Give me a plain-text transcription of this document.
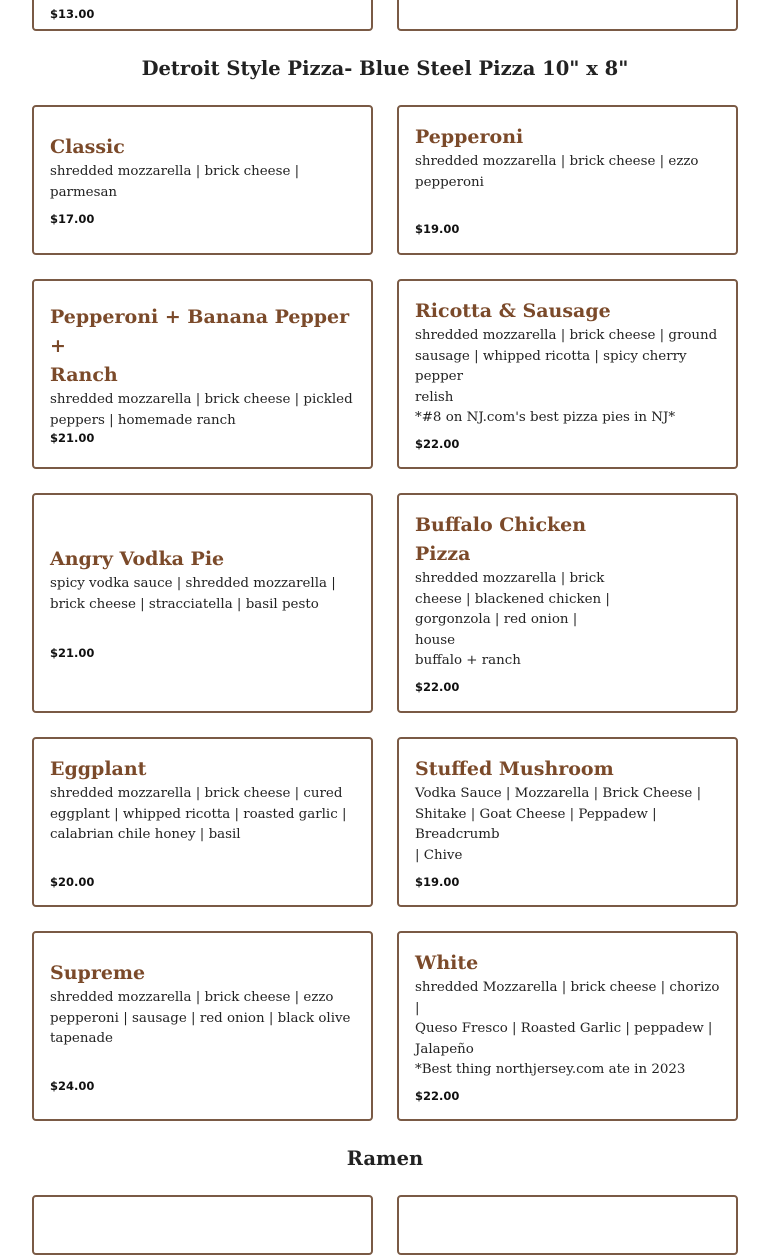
$13.00
Detroit Style Pizza- Blue Steel Pizza 10" x 8"

Classic

shredded mozzarella | brick cheese | parmesan

$17.00

Pepperoni

shredded mozzarella | brick cheese | ezzo
pepperoni

$19.00

Pepperoni + Banana Pepper +
Ranch

shredded mozzarella | brick cheese | pickled
peppers | homemade ranch

$21.00

Ricotta & Sausage

shredded mozzarella | brick cheese | ground
sausage | whipped ricotta | spicy cherry pepper
relish
*#8 on NJ.com's best pizza pies in NJ*

$22.00

Angry Vodka Pie

spicy vodka sauce | shredded mozzarella |
brick cheese | stracciatella | basil pesto

$21.00

Buffalo Chicken
Pizza

shredded mozzarella | brick
cheese | blackened chicken |
gorgonzola | red onion | house
buffalo + ranch

$22.00

Eggplant

shredded mozzarella | brick cheese | cured
eggplant | whipped ricotta | roasted garlic |
calabrian chile honey | basil

$20.00

Stuffed Mushroom

Vodka Sauce | Mozzarella | Brick Cheese |
Shitake | Goat Cheese | Peppadew | Breadcrumb
| Chive

$19.00

Supreme

shredded mozzarella | brick cheese | ezzo
pepperoni | sausage | red onion | black olive
tapenade

$24.00

White

shredded Mozzarella | brick cheese | chorizo |
Queso Fresco | Roasted Garlic | peppadew |
Jalapeño
*Best thing northjersey.com ate in 2023

$22.00
Ramen
